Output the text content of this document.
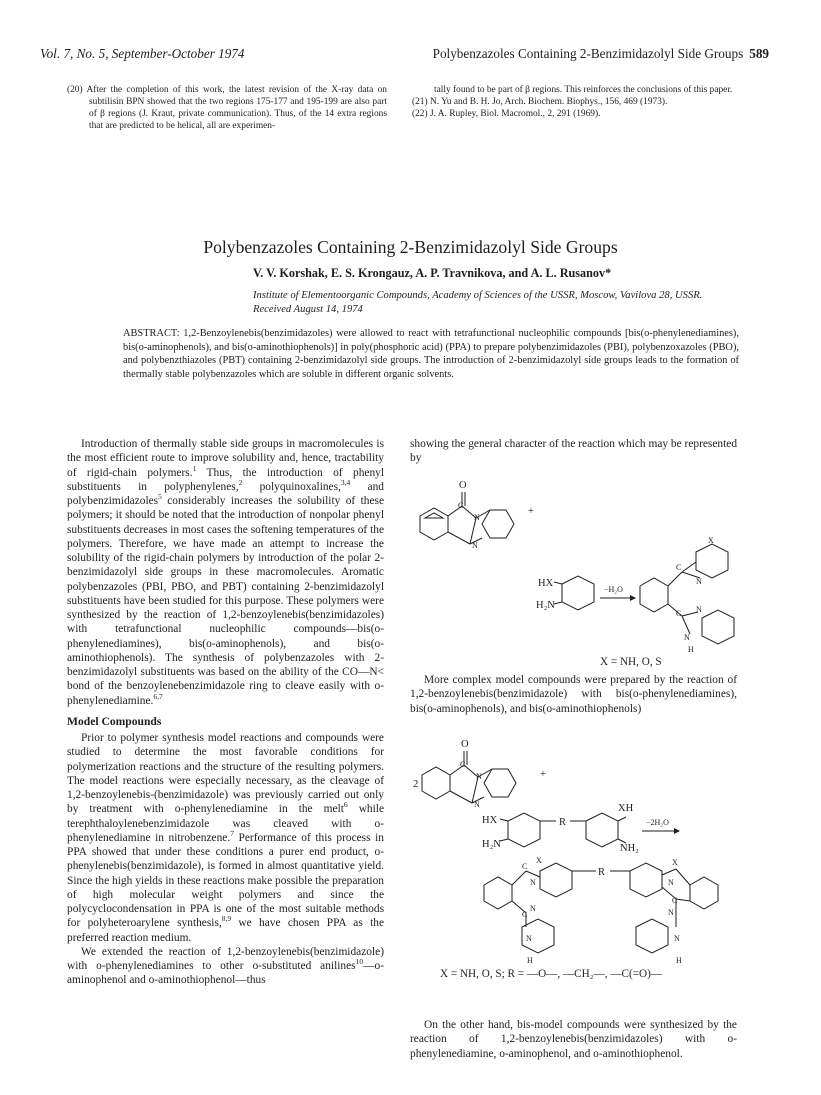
Vol. 7, No. 5, September-October 1974	Polybenzazoles Containing 2-Benzimidazolyl Side Groups 589

(20) After the completion of this work, the latest revision of the X-ray data on subtilisin BPN showed that the two regions 175-177 and 195-199 are also part of β regions (J. Kraut, private communication). Thus, of the 14 extra regions that are predicted to be helical, all are experimen-

tally found to be part of β regions. This reinforces the conclusions of this paper.

(21) N. Yu and B. H. Jo, Arch. Biochem. Biophys., 156, 469 (1973).

(22) J. A. Rupley, Biol. Macromol., 2, 291 (1969).

Polybenzazoles Containing 2-Benzimidazolyl Side Groups
V. V. Korshak, E. S. Krongauz, A. P. Travnikova, and A. L. Rusanov*
Institute of Elementoorganic Compounds, Academy of Sciences of the USSR, Moscow, Vavilova 28, USSR. Received August 14, 1974
ABSTRACT: 1,2-Benzoylenebis(benzimidazoles) were allowed to react with tetrafunctional nucleophilic compounds [bis(o-phenylenediamines), bis(o-aminophenols), and bis(o-aminothiophenols)] in poly(phosphoric acid) (PPA) to prepare polybenzimidazoles (PBI), polybenzoxazoles (PBO), and polybenzthiazoles (PBT) containing 2-benzimidazolyl side groups. The introduction of 2-benzimidazolyl side groups leads to the formation of thermally stable polybenzazoles which are soluble in different organic solvents.

Introduction of thermally stable side groups in macromolecules is the most efficient route to improve solubility and, hence, tractability of rigid-chain polymers.$^1$ Thus, the introduction of phenyl substituents in polyphenylenes,$^2$ polyquinoxalines,$^{3,4}$ and polybenzimidazoles$^5$ considerably increases the solubility of these polymers; it should be noted that the introduction of nonpolar phenyl substituents decreases in most cases the softening temperatures of the polymers. Therefore, we have made an attempt to increase the solubility of the rigid-chain polymers by introduction of the polar 2-benzimidazolyl side groups in these macromolecules. Aromatic polybenzazoles (PBI, PBO, and PBT) containing 2-benzimidazolyl substituents have been studied for this purpose. These polymers were synthesized by the reaction of 1,2-benzoylenebis(benzimidazoles) with tetrafunctional nucleophilic compounds—bis(o-phenylenediamines), bis(o-aminophenols), and bis(o-aminothiophenols). The synthesis of polybenzazoles with 2-benzimidazolyl substituents was based on the ability of the CO—N< bond of the benzoylenebenzimidazole ring to cleave easily with o-phenylenediamine.$^{6,7}$

Model Compounds

Prior to polymer synthesis model reactions and compounds were studied to determine the most favorable conditions for polymerization reactions and the structure of the resulting polymers. The model reactions were especially necessary, as the cleavage of 1,2-benzoylenebis-(benzimidazole) was previously carried out only by treatment with o-phenylenediamine in the melt$^6$ while terephthaloylenebenzimidazole was cleaved with o-phenylenediamine in nitrobenzene.$^7$ Performance of this process in PPA showed that under these conditions a purer end product, o-phenylenebis(benzimidazole), is formed in almost quantitative yield. Since the high yields in these reactions make possible the preparation of high molecular weight polymers and since the polycyclocondensation in PPA is one of the most suitable methods for polyheteroarylene synthesis,$^{8,9}$ we have chosen PPA as the preferred reaction medium.

We extended the reaction of 1,2-benzoylenebis(benzimidazole) with o-phenylenediamines to other o-substituted anilines$^{10}$—o-aminophenol and o-aminothiophenol—thus

showing the general character of the reaction which may be represented by

O
C
N
N
+
HX
H₂N
−H₂O
X
C
N
C N
N
H
X = NH, O, S

More complex model compounds were prepared by the reaction of 1,2-benzoylenebis(benzimidazole) with bis(o-phenylenediamines), bis(o-aminophenols), and bis(o-aminothiophenols)

2
O
C
N
N
+
HX
H₂N
R
XH
NH₂
−2H₂O
X
C
N
C
N
N
H
R
X
N
C
N
N
H
X = NH, O, S; R = —O—, —CH₂—, —C(=O)—

On the other hand, bis-model compounds were synthesized by the reaction of 1,2-benzoylenebis(benzimidazoles) with o-phenylenediamine, o-aminophenol, and o-aminothiophenol.
